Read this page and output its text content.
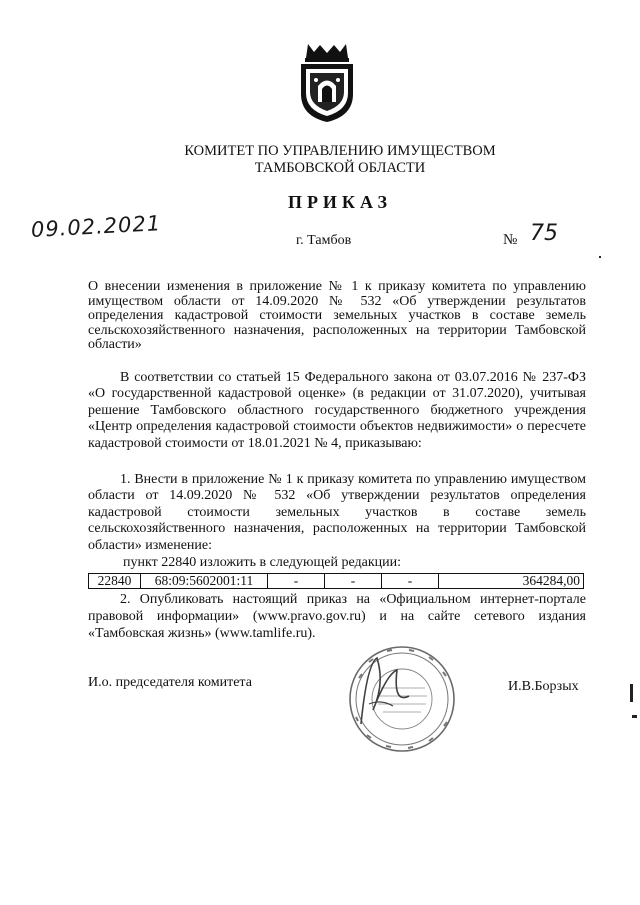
КОМИТЕТ ПО УПРАВЛЕНИЮ ИМУЩЕСТВОМ
ТАМБОВСКОЙ ОБЛАСТИ
ПРИКАЗ
09.02.2021	г. Тамбов	№ 75
О внесении изменения в приложение № 1 к приказу комитета по управлению имуществом области от 14.09.2020 № 532 «Об утверждении результатов определения кадастровой стоимости земельных участков в составе земель сельскохозяйственного назначения, расположенных на территории Тамбовской области»
В соответствии со статьей 15 Федерального закона от 03.07.2016 № 237-ФЗ «О государственной кадастровой оценке» (в редакции от 31.07.2020), учитывая решение Тамбовского областного государственного бюджетного учреждения «Центр определения кадастровой стоимости объектов недвижимости» о пересчете кадастровой стоимости от 18.01.2021 № 4, приказываю:
1. Внести в приложение № 1 к приказу комитета по управлению имуществом области от 14.09.2020 № 532 «Об утверждении результатов определения кадастровой стоимости земельных участков в составе земель сельскохозяйственного назначения, расположенных на территории Тамбовской области» изменение:
пункт 22840 изложить в следующей редакции:
22840	68:09:5602001:11	-	-	-	364284,00
2. Опубликовать настоящий приказ на «Официальном интернет-портале правовой информации» (www.pravo.gov.ru) и на сайте сетевого издания «Тамбовская жизнь» (www.tamlife.ru).
И.о. председателя комитета	И.В.Борзых
